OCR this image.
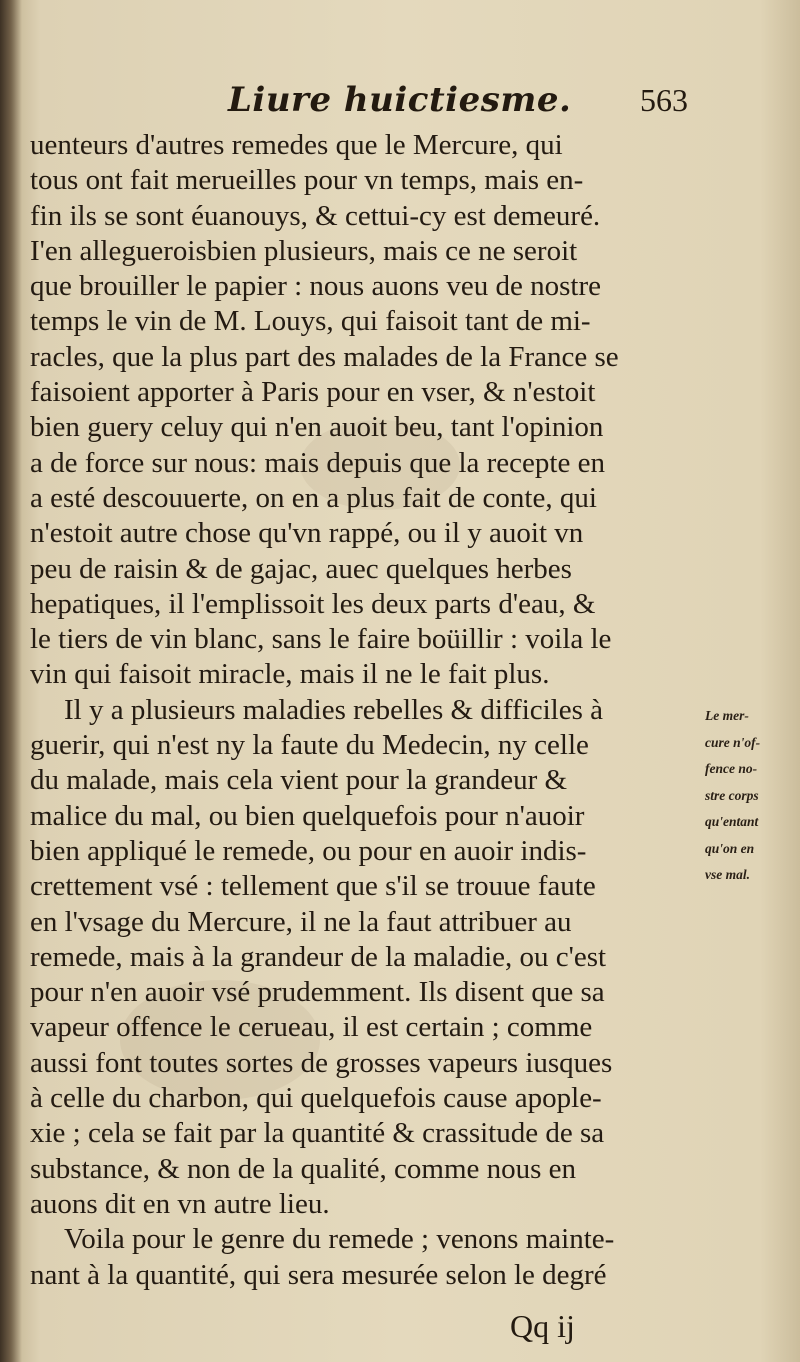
Liure huictiesme. 563
uenteurs d'autres remedes que le Mercure, qui
tous ont fait merueilles pour vn temps, mais en-
fin ils se sont éuanouys, & cettui-cy est demeuré.
I'en allegueroisbien plusieurs, mais ce ne seroit
que brouiller le papier : nous auons veu de nostre
temps le vin de M. Louys, qui faisoit tant de mi-
racles, que la plus part des malades de la France se
faisoient apporter à Paris pour en vser, & n'estoit
bien guery celuy qui n'en auoit beu, tant l'opinion
a de force sur nous: mais depuis que la recepte en
a esté descouuerte, on en a plus fait de conte, qui
n'estoit autre chose qu'vn rappé, ou il y auoit vn
peu de raisin & de gajac, auec quelques herbes
hepatiques, il l'emplissoit les deux parts d'eau, &
le tiers de vin blanc, sans le faire boüillir : voila le
vin qui faisoit miracle, mais il ne le fait plus.
Il y a plusieurs maladies rebelles & difficiles à
guerir, qui n'est ny la faute du Medecin, ny celle
du malade, mais cela vient pour la grandeur &
malice du mal, ou bien quelquefois pour n'auoir
bien appliqué le remede, ou pour en auoir indis-
crettement vsé : tellement que s'il se trouue faute
en l'vsage du Mercure, il ne la faut attribuer au
remede, mais à la grandeur de la maladie, ou c'est
pour n'en auoir vsé prudemment. Ils disent que sa
vapeur offence le cerueau, il est certain ; comme
aussi font toutes sortes de grosses vapeurs iusques
à celle du charbon, qui quelquefois cause apople-
xie ; cela se fait par la quantité & crassitude de sa
substance, & non de la qualité, comme nous en
auons dit en vn autre lieu.
Voila pour le genre du remede ; venons mainte-
nant à la quantité, qui sera mesurée selon le degré
Le mer-
cure n'of-
fence no-
stre corps
qu'entant
qu'on en
vse mal.
Qq ij
